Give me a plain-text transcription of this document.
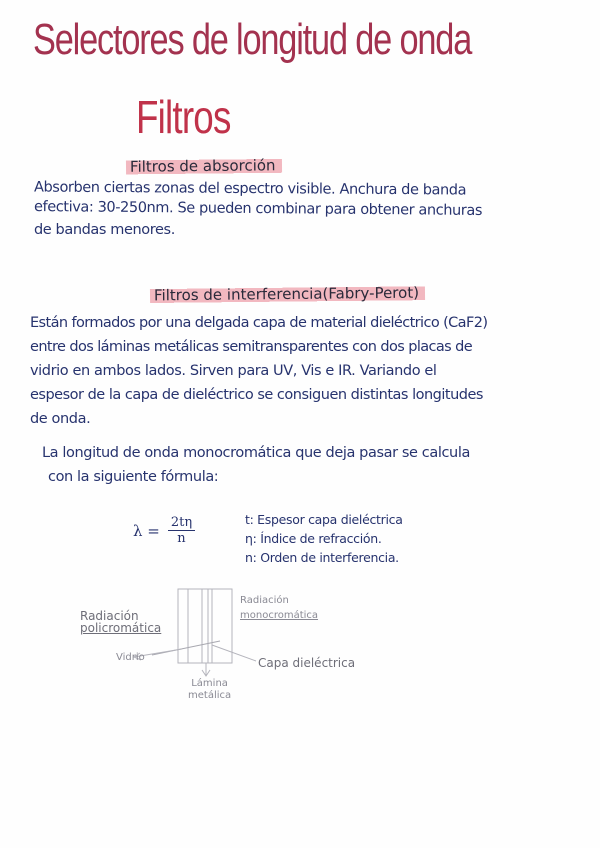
Selectores de longitud de onda
Filtros
Filtros de absorción
Absorben ciertas zonas del espectro visible. Anchura de banda
efectiva: 30-250nm. Se pueden combinar para obtener anchuras
de bandas menores.
Filtros de interferencia(Fabry-Perot)
Están formados por una delgada capa de material dieléctrico (CaF2)
entre dos láminas metálicas semitransparentes con dos placas de
vidrio en ambos lados. Sirven para UV, Vis e IR. Variando el
espesor de la capa de dieléctrico se consiguen distintas longitudes
de onda.
La longitud de onda monocromática que deja pasar se calcula
con la siguiente fórmula:
$\lambda = \frac{2t\eta}{n}$	t: Espesor capa dieléctrica
η: Índice de refracción.
n: Orden de interferencia.
Radiación
policromática
Radiación
monocromática
Vidrio	Capa dieléctrica
Lámina
metálica
